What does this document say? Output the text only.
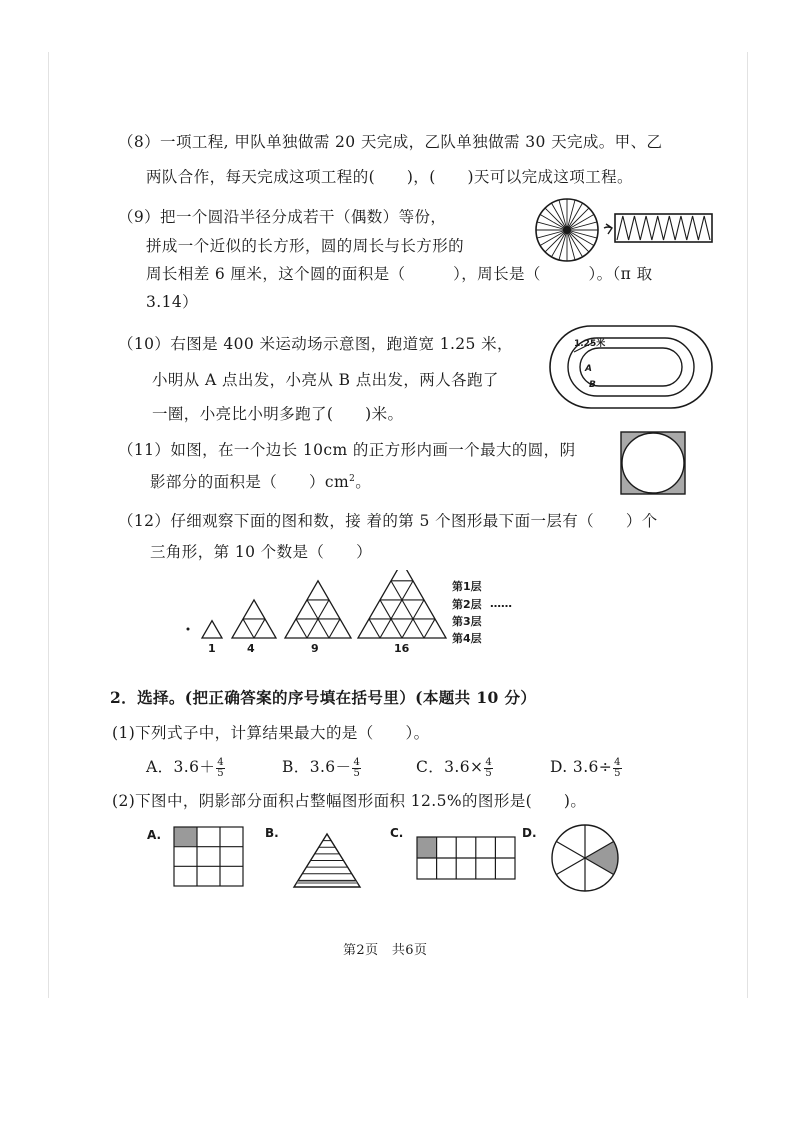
（8）一项工程, 甲队单独做需 20 天完成，乙队单独做需 30 天完成。甲、乙
两队合作，每天完成这项工程的(　　)，(　　)天可以完成这项工程。
（9）把一个圆沿半径分成若干（偶数）等份，
拼成一个近似的长方形，圆的周长与长方形的
周长相差 6 厘米，这个圆的面积是（　　　），周长是（　　　）。（π 取
3.14）
（10）右图是 400 米运动场示意图，跑道宽 1.25 米，
小明从 A 点出发，小亮从 B 点出发，两人各跑了
一圈，小亮比小明多跑了(　　)米。
1.25米
A
B
（11）如图，在一个边长 10cm 的正方形内画一个最大的圆，阴
影部分的面积是（　　）$cm^2$。
（12）仔细观察下面的图和数，接 着的第 5 个图形最下面一层有（　　）个
三角形，第 10 个数是（　　）
1	4	9	16
第1层
第2层
第3层
第4层
……
2．选择。(把正确答案的序号填在括号里）(本题共 10 分）
(1)下列式子中，计算结果最大的是（　　）。
A．$3.6+ \frac{4}{5}$	B．$3.6- \frac{4}{5}$	C．$3.6\times \frac{4}{5}$	D. $3.6\div \frac{4}{5}$
(2)下图中，阴影部分面积占整幅图形面积 12.5%的图形是(　　)。
A.	B.	C.	D.
第2页　共6页
